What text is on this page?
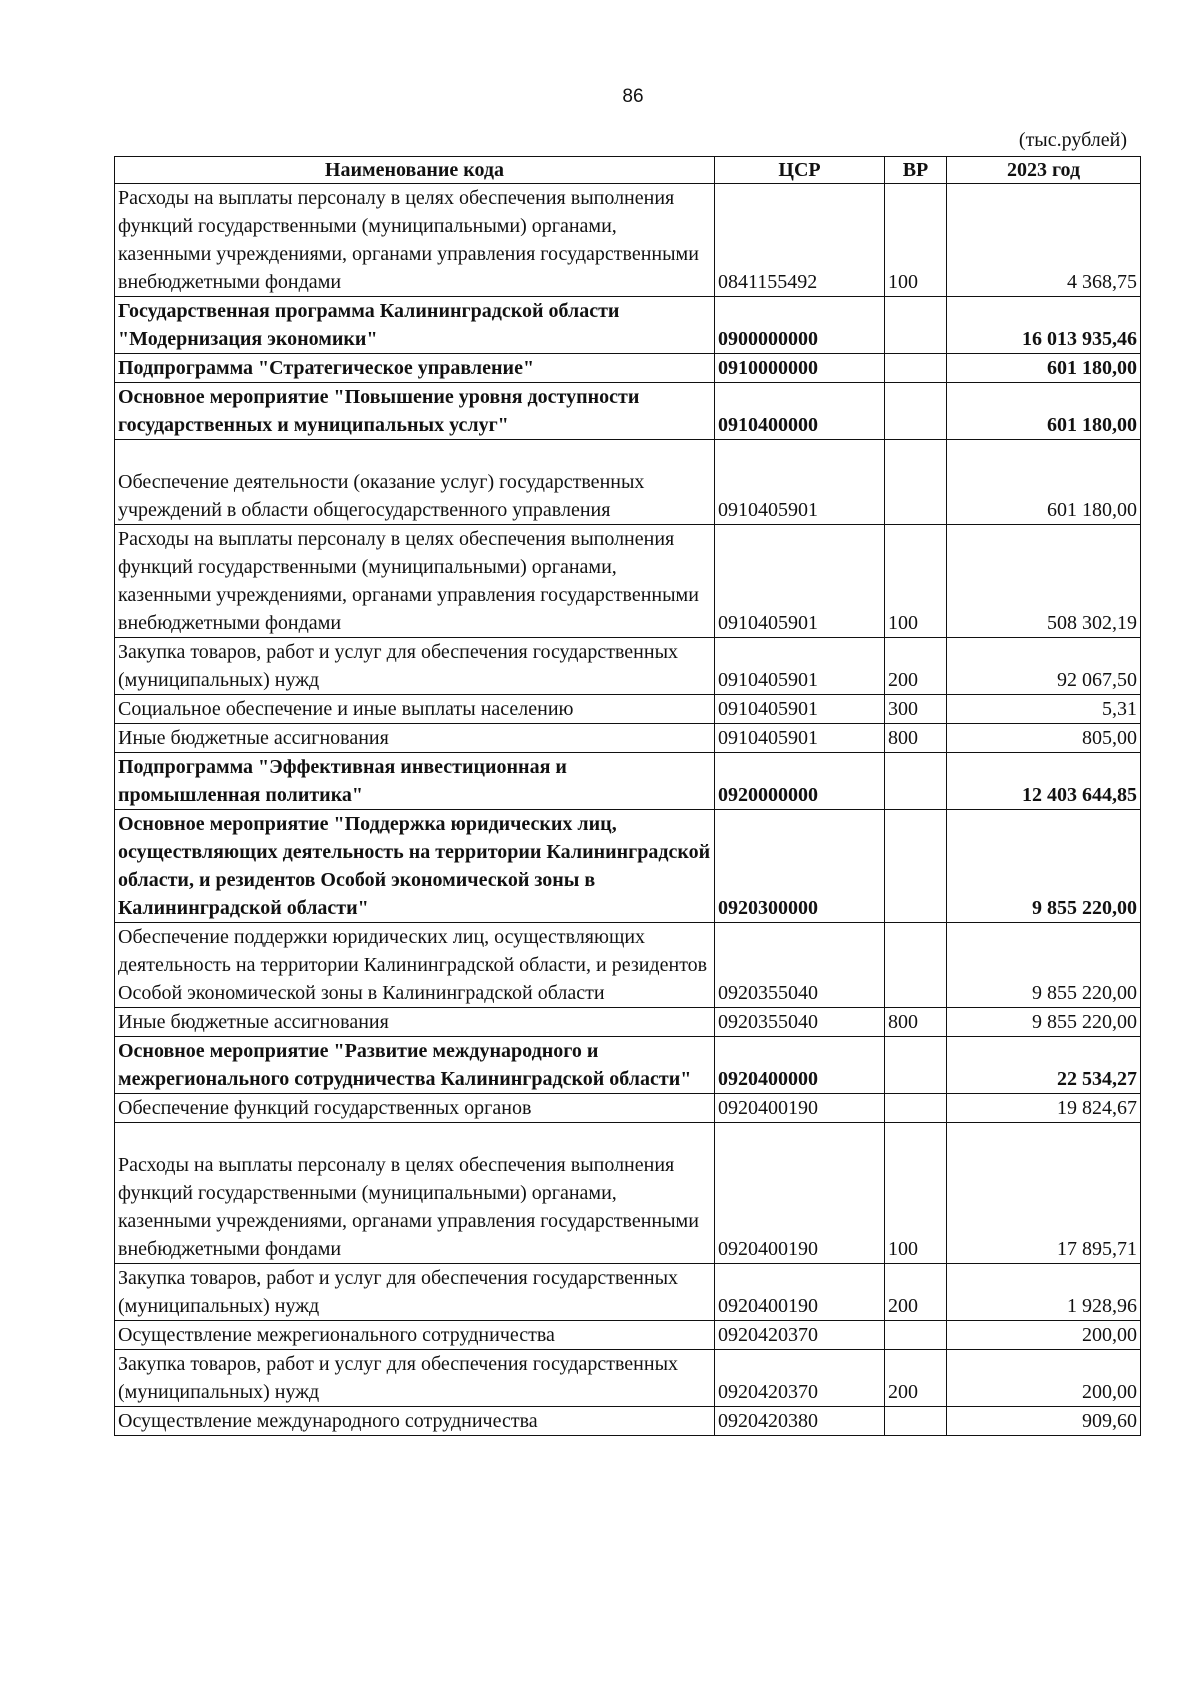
86
(тыс.рублей)
Наименование кода	ЦСР	ВР	2023 год
Расходы на выплаты персоналу в целях обеспечения выполнения функций государственными (муниципальными) органами, казенными учреждениями, органами управления государственными внебюджетными фондами	0841155492	100	4 368,75
Государственная программа Калининградской области "Модернизация экономики"	0900000000		16 013 935,46
Подпрограмма "Стратегическое управление"	0910000000		601 180,00
Основное мероприятие "Повышение уровня доступности государственных и муниципальных услуг"	0910400000		601 180,00
Обеспечение деятельности (оказание услуг) государственных учреждений в области общегосударственного управления	0910405901		601 180,00
Расходы на выплаты персоналу в целях обеспечения выполнения функций государственными (муниципальными) органами, казенными учреждениями, органами управления государственными внебюджетными фондами	0910405901	100	508 302,19
Закупка товаров, работ и услуг для обеспечения государственных (муниципальных) нужд	0910405901	200	92 067,50
Социальное обеспечение и иные выплаты населению	0910405901	300	5,31
Иные бюджетные ассигнования	0910405901	800	805,00
Подпрограмма "Эффективная инвестиционная и промышленная политика"	0920000000		12 403 644,85
Основное мероприятие "Поддержка юридических лиц, осуществляющих деятельность на территории Калининградской области, и резидентов Особой экономической зоны в Калининградской области"	0920300000		9 855 220,00
Обеспечение поддержки юридических лиц, осуществляющих деятельность на территории Калининградской области, и резидентов Особой экономической зоны в Калининградской области	0920355040		9 855 220,00
Иные бюджетные ассигнования	0920355040	800	9 855 220,00
Основное мероприятие "Развитие международного и межрегионального сотрудничества Калининградской области"	0920400000		22 534,27
Обеспечение функций государственных органов	0920400190		19 824,67
Расходы на выплаты персоналу в целях обеспечения выполнения функций государственными (муниципальными) органами, казенными учреждениями, органами управления государственными внебюджетными фондами	0920400190	100	17 895,71
Закупка товаров, работ и услуг для обеспечения государственных (муниципальных) нужд	0920400190	200	1 928,96
Осуществление межрегионального сотрудничества	0920420370		200,00
Закупка товаров, работ и услуг для обеспечения государственных (муниципальных) нужд	0920420370	200	200,00
Осуществление международного сотрудничества	0920420380		909,60
